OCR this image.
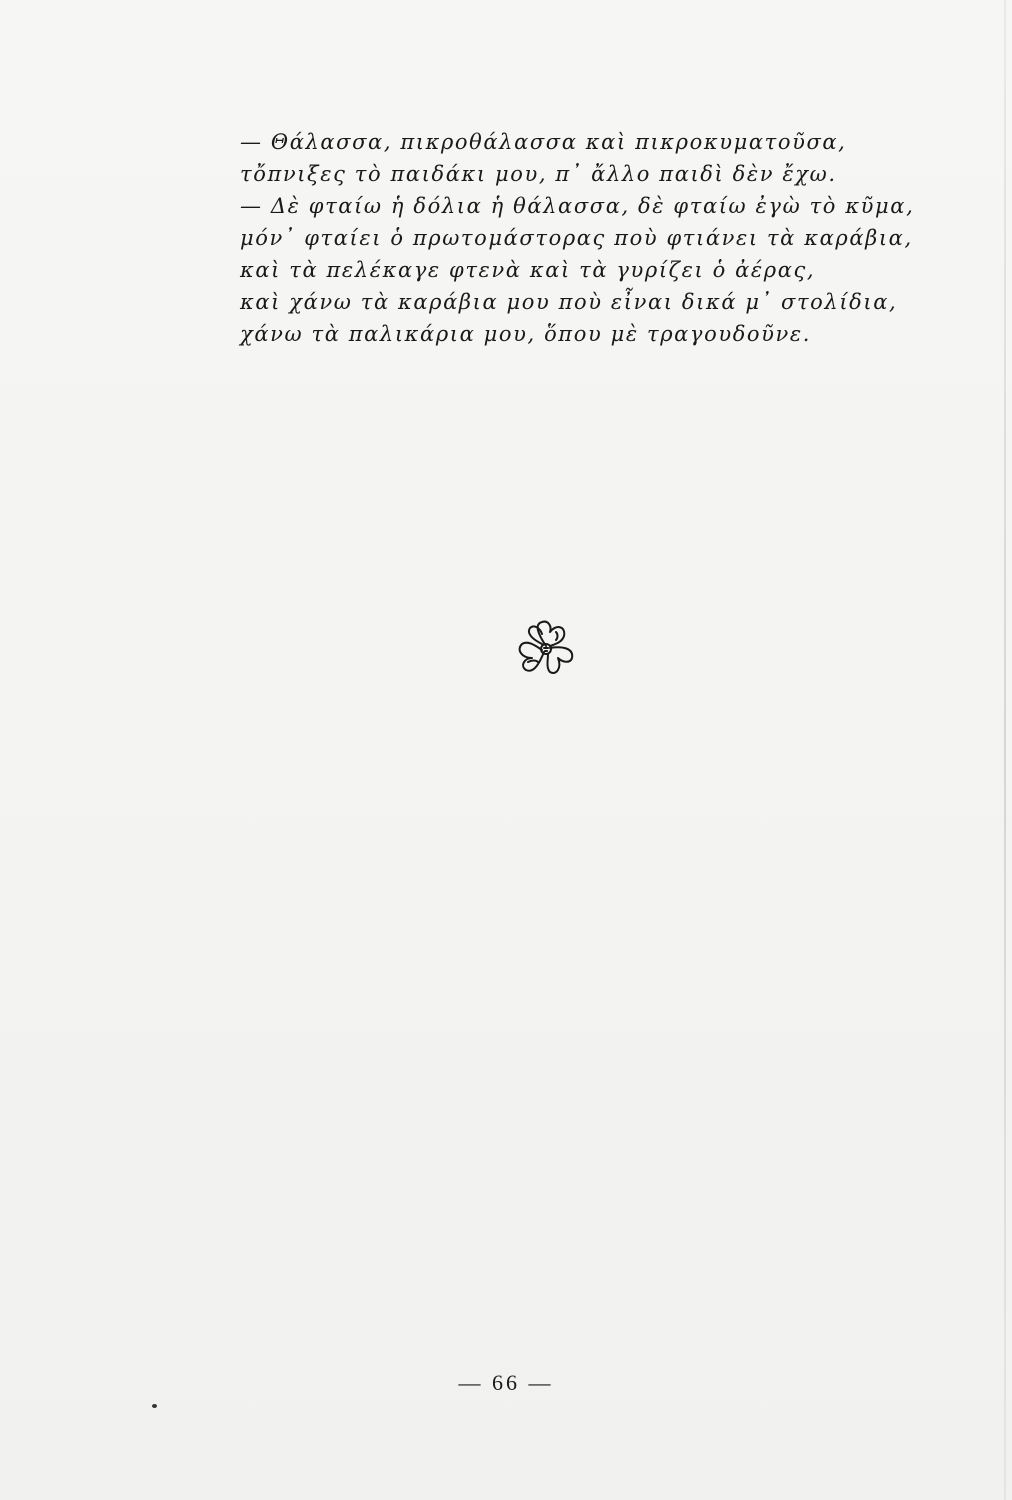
— Θάλασσα, πικροθάλασσα καὶ πικροκυματοῦσα,
τὄπνιξες τὸ παιδάκι μου, π᾿ ἄλλο παιδὶ δὲν ἔχω.
— Δὲ φταίω ἡ δόλια ἡ θάλασσα, δὲ φταίω ἐγὼ τὸ κῦμα,
μόν᾿ φταίει ὁ πρωτομάστορας ποὺ φτιάνει τὰ καράβια,
καὶ τὰ πελέκαγε φτενὰ καὶ τὰ γυρίζει ὁ ἀέρας,
καὶ χάνω τὰ καράβια μου ποὺ εἶναι δικά μ᾿ στολίδια,
χάνω τὰ παλικάρια μου, ὅπου μὲ τραγουδοῦνε.
— 66 —
